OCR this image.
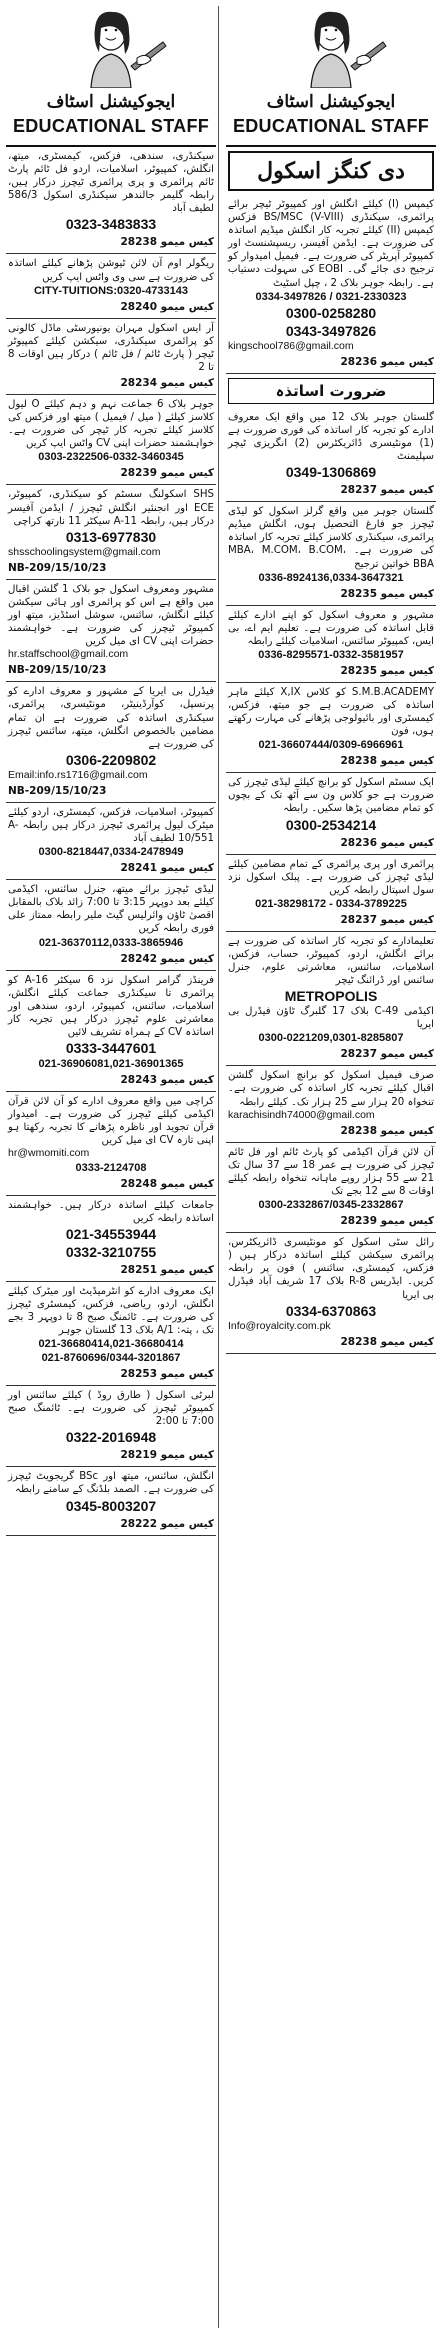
ایجوکیشنل اسٹاف
EDUCATIONAL STAFF

سیکنڈری، سندھی، فزکس، کیمسٹری، میتھ، انگلش، کمپیوٹر، اسلامیات، اردو فل ٹائم پارٹ ٹائم پرائمری و پری پرائمری ٹیچرز درکار ہیں، رابطہ گلیمر جالندھر سیکنڈری اسکول 586/3 لطیف آباد

0323-3483833

کیس میمو 28238

ریگولر اوم آن لائن ٹیوشن پڑھانے کیلئے اساتذہ کی ضرورت ہے سی وی واٹس ایپ کریں

CITY-TUITIONS:0320-4733143

کیس میمو 28240

آر ایس اسکول مہران یونیورسٹی ماڈل کالونی کو پرائمری سیکنڈری، سیکشن کیلئے کمپیوٹر ٹیچر ( پارٹ ٹائم / فل ٹائم ) درکار ہیں اوقات 8 تا 2

کیس میمو 28234

جوہر بلاک 6 جماعت نہم و دہم کیلئے O لیول کلاسز کیلئے ( میل / فیمیل ) میتھ اور فزکس کی کلاسز کیلئے تجربہ کار ٹیچر کی ضرورت ہے۔ خواہشمند حضرات اپنی CV واٹس ایپ کریں

0303-2322506-0332-3460345

کیس میمو 28239

SHS اسکولنگ سسٹم کو سیکنڈری، کمپیوٹر، ECE اور انجنئیر انگلش ٹیچرز / ایڈمن آفیسر درکار ہیں، رابطہ A-11 سیکٹر 11 نارتھ کراچی

0313-6977830

shsschoolingsystem@gmail.com

NB-209/15/10/23

مشہور ومعروف اسکول جو بلاک 1 گلشن اقبال میں واقع ہے اس کو پرائمری اور ہائی سیکشن کیلئے انگلش، سائنس، سوشل اسٹڈیز، میتھ اور کمپیوٹر ٹیچرز کی ضرورت ہے۔ خواہشمند حضرات اپنی CV ای میل کریں

hr.staffschool@gmail.com

NB-209/15/10/23

فیڈرل بی ایریا کے مشہور و معروف ادارے کو پرنسپل، کوآرڈینیٹر، مونٹیسری، پرائمری، سیکنڈری اساتذہ کی ضرورت ہے ان تمام مضامین بالخصوص انگلش، میتھ، سائنس ٹیچرز کی ضرورت ہے

0306-2209802

Email:info.rs1716@gmail.com

NB-209/15/10/23

کمپیوٹر، اسلامیات، فزکس، کیمسٹری، اردو کیلئے میٹرک لیول پرائمری ٹیچرز درکار ہیں رابطہ A-10/551 لطیف آباد

0300-8218447,0334-2478949

کیس میمو 28241

لیڈی ٹیچرز برائے میتھ، جنرل سائنس، اکیڈمی کیلئے بعد دوپہر 3:15 تا 7:00 زائد بلاک بالمقابل اقصیٰ ٹاؤن وائرلیس گیٹ ملیر رابطہ ممتاز علی فوری رابطہ کریں

021-36370112,0333-3865946

کیس میمو 28242

فرینڈز گرامر اسکول نزد 6 سیکٹر A-16 کو پرائمری تا سیکنڈری جماعت کیلئے انگلش، اسلامیات، سائنس، کمپیوٹر، اردو، سندھی اور معاشرتی علوم ٹیچرز درکار ہیں تجربہ کار اساتذہ CV کے ہمراہ تشریف لائیں

0333-3447601

021-36906081,021-36901365

کیس میمو 28243

کراچی میں واقع معروف ادارے کو آن لائن قرآن اکیڈمی کیلئے ٹیچرز کی ضرورت ہے۔ امیدوار قرآن تجوید اور ناظرہ پڑھانے کا تجربہ رکھتا ہو اپنی تازہ CV ای میل کریں

hr@wmomiti.com

0333-2124708

کیس میمو 28248

جامعات کیلئے اساتذہ درکار ہیں۔ خواہشمند اساتذہ رابطہ کریں

021-34553944

0332-3210755

کیس میمو 28251

ایک معروف ادارے کو انٹرمیڈیٹ اور میٹرک کیلئے انگلش، اردو، ریاضی، فزکس، کیمسٹری ٹیچرز کی ضرورت ہے۔ ٹائمنگ صبح 8 تا دوپہر 3 بجے تک ، پتہ: A/1 بلاک 13 گلستان جوہر

021-36680414,021-36680414

021-8760696/0344-3201867

کیس میمو 28253

لبرٹی اسکول ( طارق روڈ ) کیلئے سائنس اور کمپیوٹر ٹیچرز کی ضرورت ہے۔ ٹائمنگ صبح 7:00 تا 2:00

0322-2016948

کیس میمو 28219

انگلش، سائنس، میتھ اور BSc گریجویٹ ٹیچرز کی ضرورت ہے۔ الصمد بلڈنگ کے سامنے رابطہ

0345-8003207

کیس میمو 28222

ایجوکیشنل اسٹاف
EDUCATIONAL STAFF
دی کنگز اسکول

کیمپس (I) کیلئے انگلش اور کمپیوٹر ٹیچر برائے پرائمری، سیکنڈری (V-VIII) BS/MSC فزکس کیمپس (II) کیلئے تجربہ کار انگلش میڈیم اساتذہ کی ضرورت ہے۔ ایڈمن آفیسر، ریسپشنسٹ اور کمپیوٹر آپریٹر کی ضرورت ہے۔ فیمیل امیدوار کو ترجیح دی جائے گی۔ EOBI کی سہولت دستیاب ہے۔ رابطہ جوہر بلاک 2 ، چپل اسٹیٹ

0334-3497826 / 0321-2330323

0300-0258280

0343-3497826

kingschool786@gmail.com

کیس میمو 28236

ضرورت اساتذہ

گلستان جوہر بلاک 12 میں واقع ایک معروف ادارے کو تجربہ کار اساتذہ کی فوری ضرورت ہے (1) مونٹیسری ڈائریکٹرس (2) انگریزی ٹیچر سپلیمنٹ

0349-1306869

کیس میمو 28237

گلستان جوہر میں واقع گرلز اسکول کو لیڈی ٹیچرز جو فارغ التحصیل ہوں، انگلش میڈیم پرائمری، سیکنڈری کلاسز کیلئے تجربہ کار اساتذہ کی ضرورت ہے۔ MBA، M.COM، B.COM، BBA خواتین ترجیح

0336-8924136,0334-3647321

کیس میمو 28235

مشہور و معروف اسکول کو اپنے ادارے کیلئے قابل اساتذہ کی ضرورت ہے۔ تعلیم ایم اے، بی ایس، کمپیوٹر سائنس، اسلامیات کیلئے رابطہ

0336-8295571-0332-3581957

کیس میمو 28235

S.M.B.ACADEMY کو کلاس X,IX کیلئے ماہر اساتذہ کی ضرورت ہے جو میتھ، فزکس، کیمسٹری اور بائیولوجی پڑھانے کی مہارت رکھتے ہوں، فون

021-36607444/0309-6966961

کیس میمو 28238

ایک سسٹم اسکول کو برانچ کیلئے لیڈی ٹیچرز کی ضرورت ہے جو کلاس ون سے آٹھ تک کے بچوں کو تمام مضامین پڑھا سکیں۔ رابطہ

0300-2534214

کیس میمو 28236

پرائمری اور پری پرائمری کے تمام مضامین کیلئے لیڈی ٹیچرز کی ضرورت ہے۔ پبلک اسکول نزد سول اسپتال رابطہ کریں

021-38298172 - 0334-3789225

کیس میمو 28237

تعلیمادارے کو تجربہ کار اساتذہ کی ضرورت ہے برائے انگلش، اردو، کمپیوٹر، حساب، فزکس، اسلامیات، سائنس، معاشرتی علوم، جنرل سائنس اور ڈرائنگ ٹیچر

METROPOLIS

اکیڈمی C-49 بلاک 17 گلبرگ ٹاؤن فیڈرل بی ایریا

0300-0221209,0301-8285807

کیس میمو 28237

صرف فیمیل اسکول کو برانچ اسکول گلشن اقبال کیلئے تجربہ کار اساتذہ کی ضرورت ہے۔ تنخواہ 20 ہزار سے 25 ہزار تک۔ کیلئے رابطہ

karachisindh74000@gmail.com

کیس میمو 28238

آن لائن قرآن اکیڈمی کو پارٹ ٹائم اور فل ٹائم ٹیچرز کی ضرورت ہے عمر 18 سے 37 سال تک 21 سے 55 ہزار روپے ماہانہ تنخواہ رابطہ کیلئے اوقات 8 سے 12 بجے تک

0300-2332867/0345-2332867

کیس میمو 28239

رائل سٹی اسکول کو مونٹیسری ڈائریکٹرس، پرائمری سیکشن کیلئے اساتذہ درکار ہیں ( فزکس، کیمسٹری، سائنس ) فون پر رابطہ کریں۔ ایڈریس R-8 بلاک 17 شریف آباد فیڈرل بی ایریا

0334-6370863

Info@royalcity.com.pk

کیس میمو 28238
